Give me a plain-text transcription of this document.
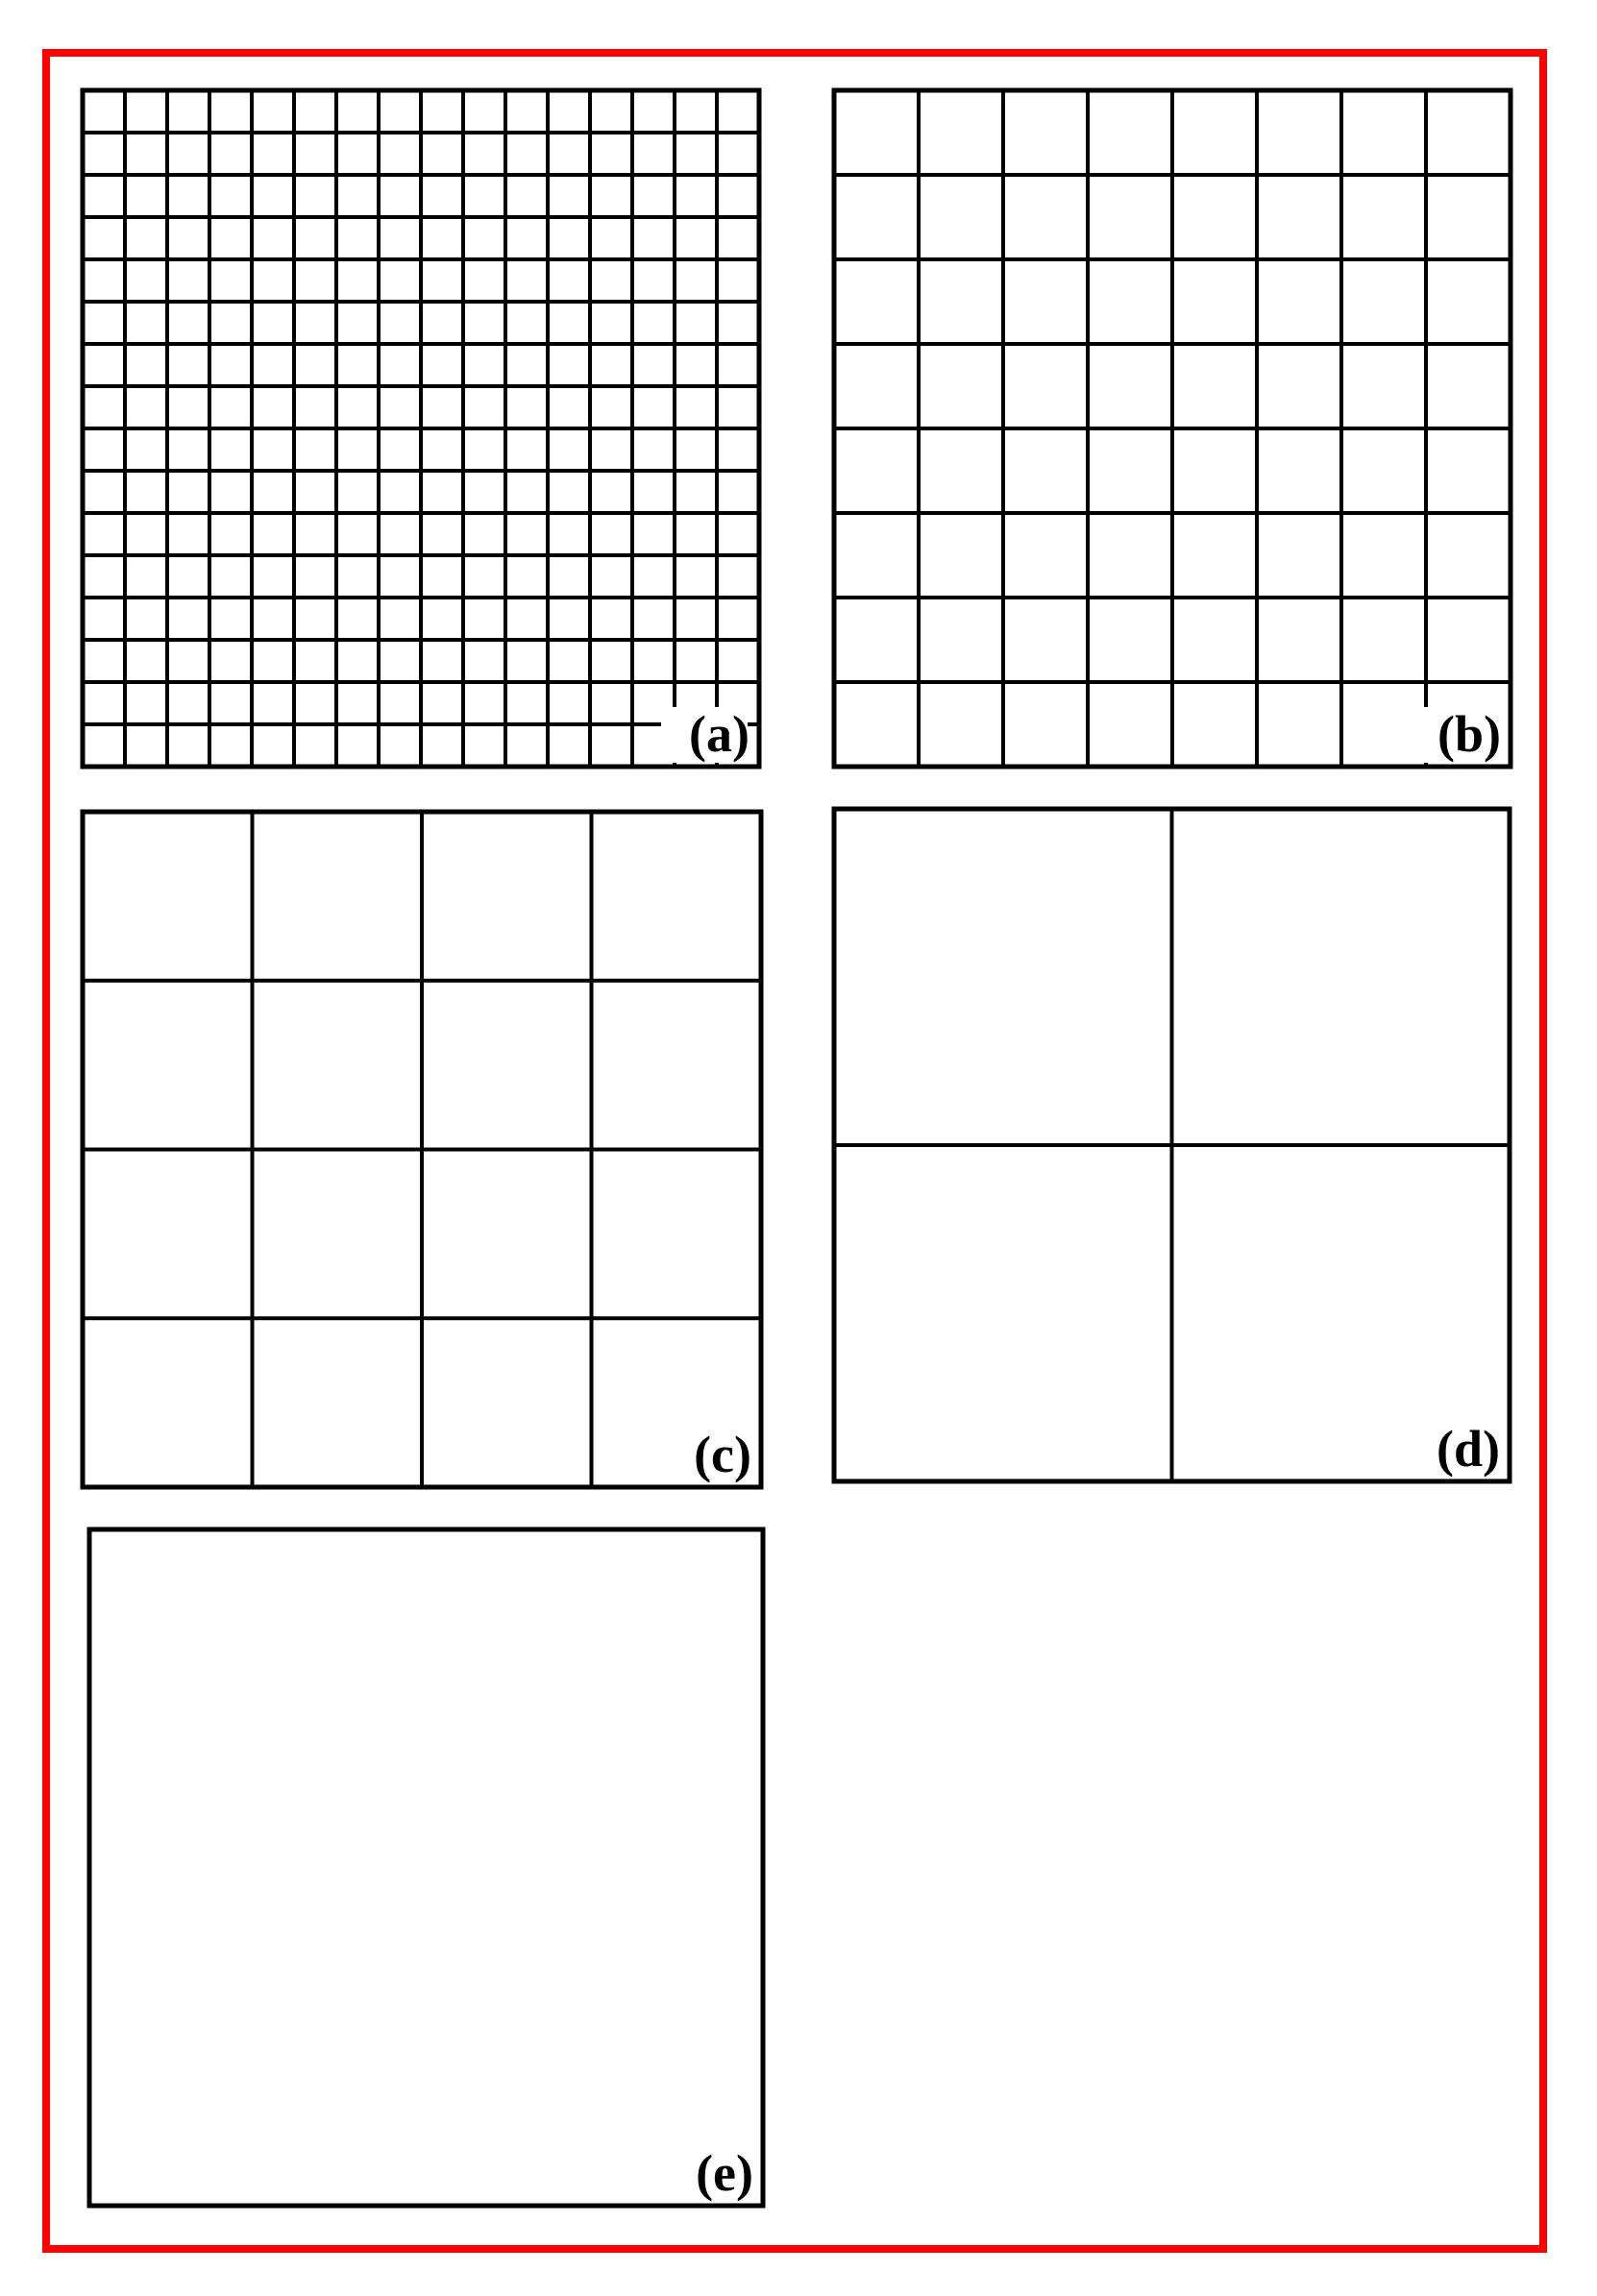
(a)	(b)
(c)	(d)
(e)
